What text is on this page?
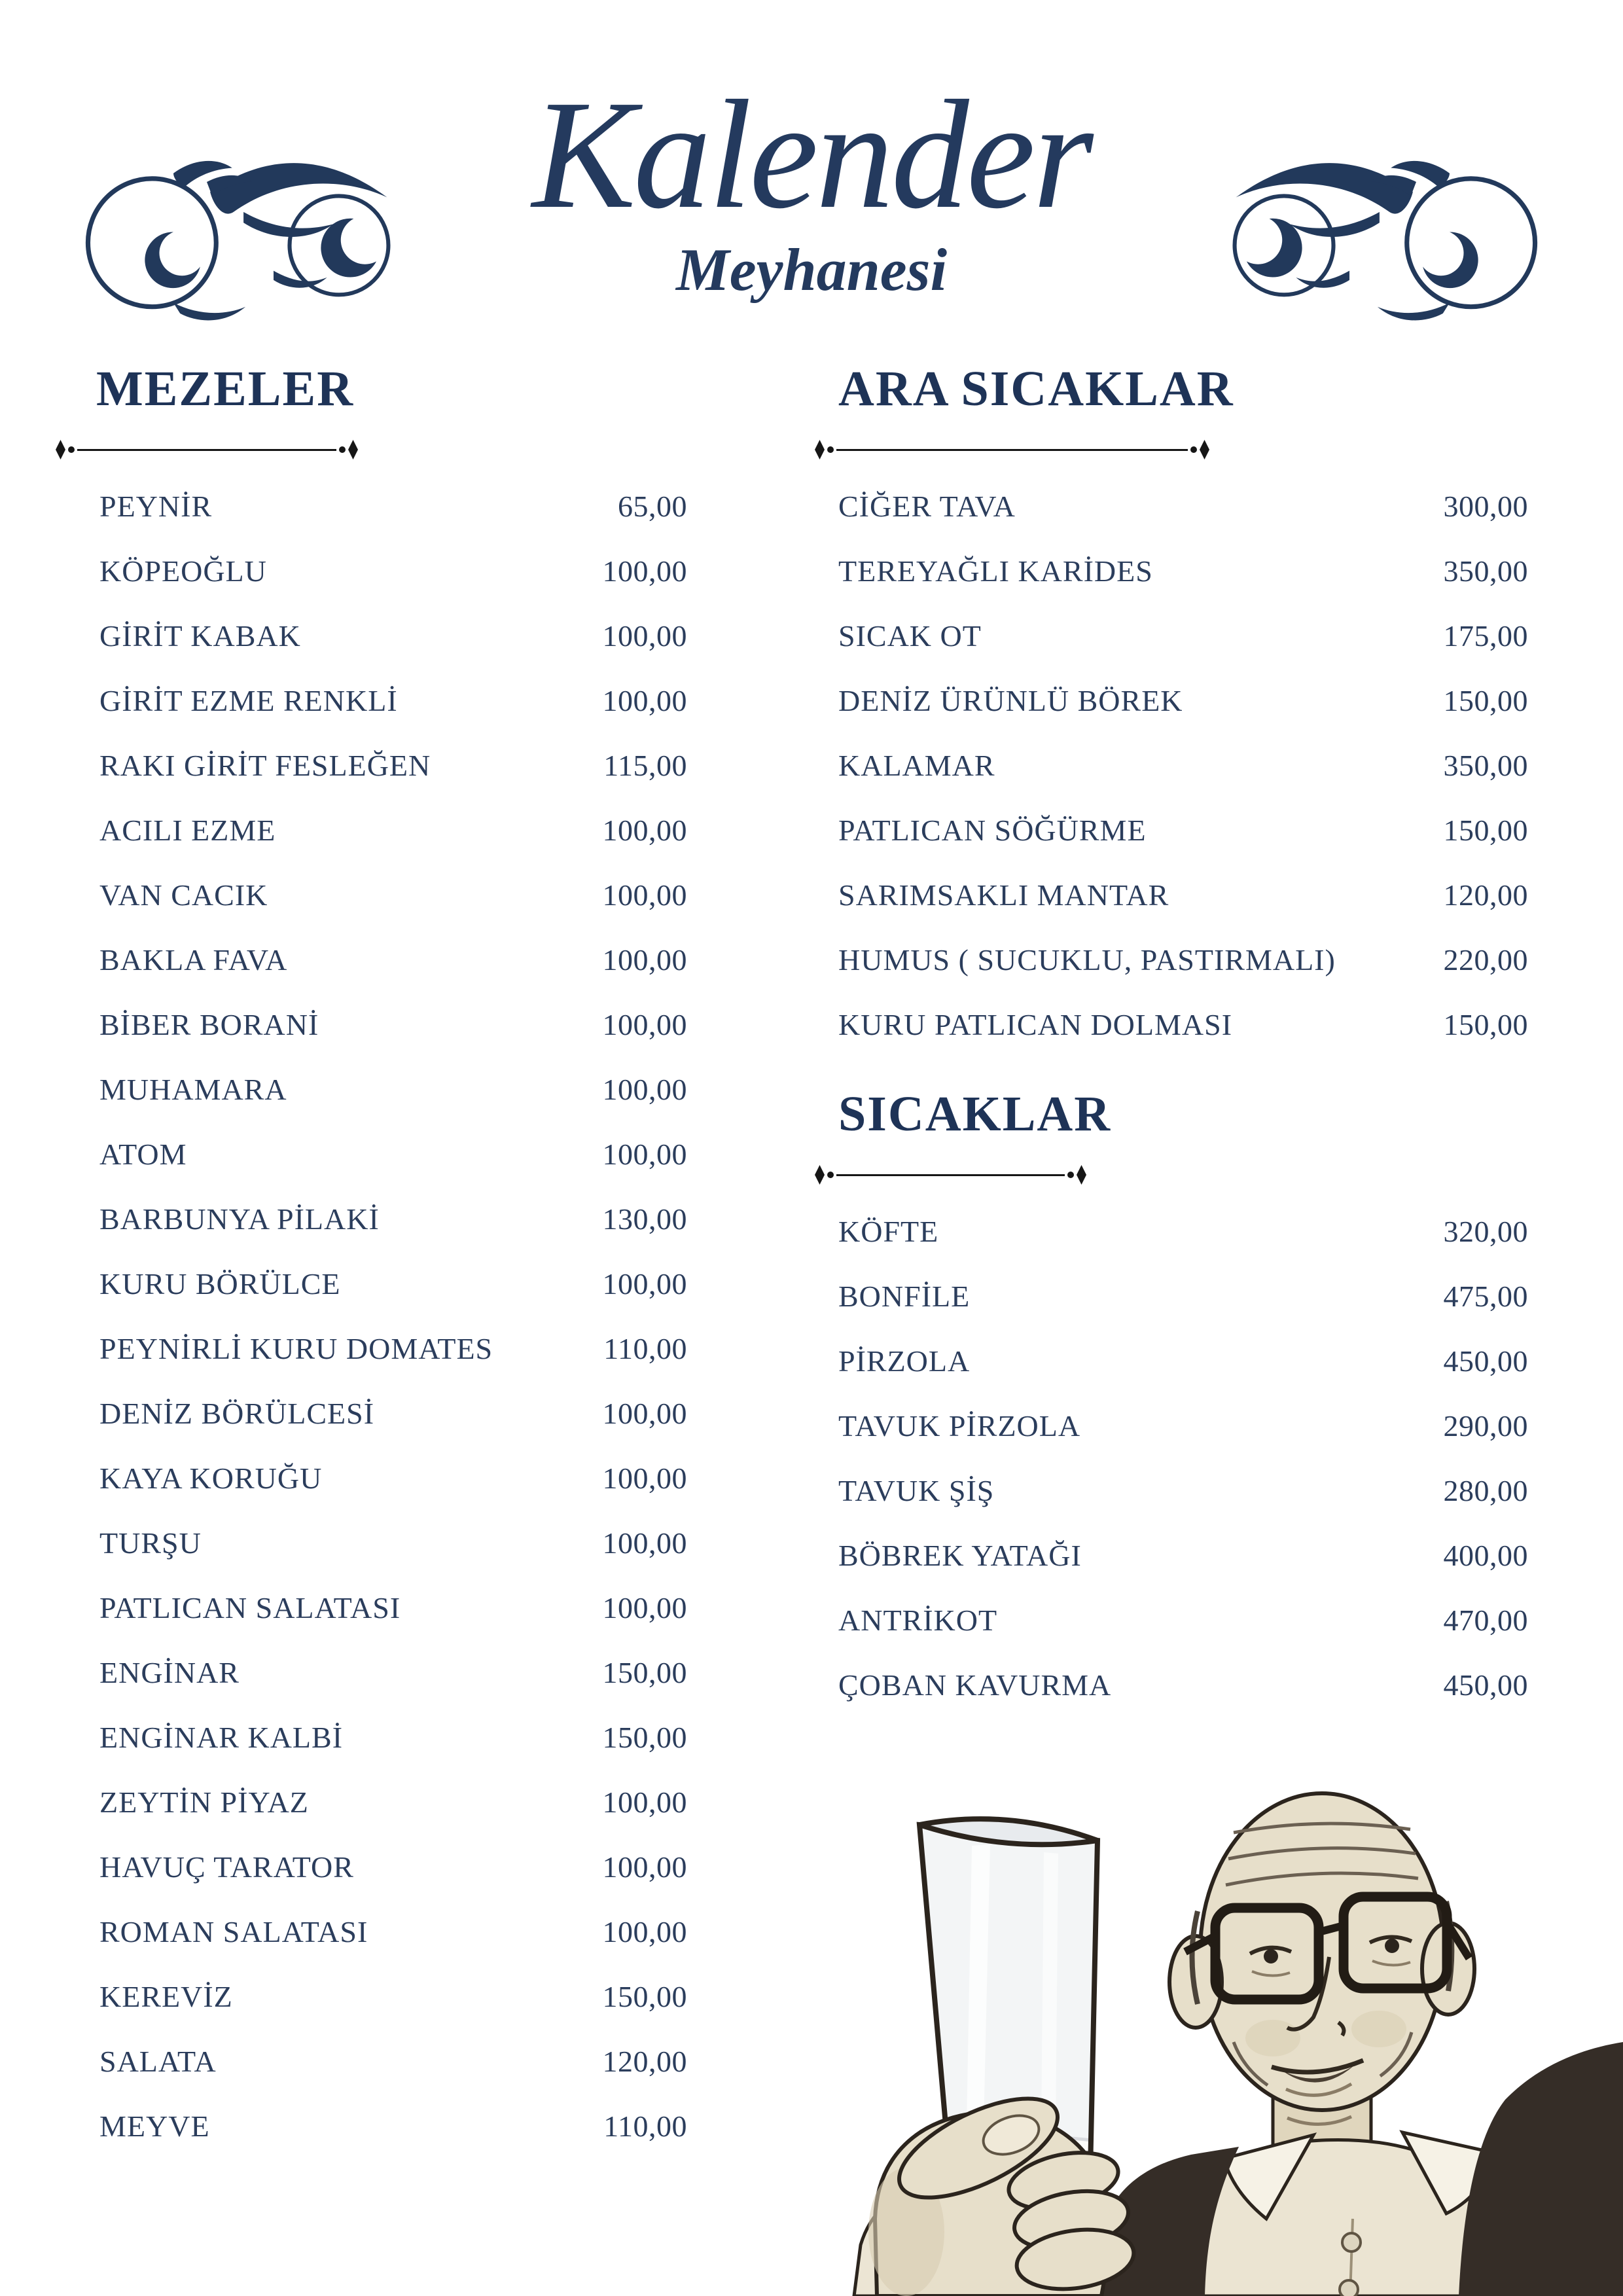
Kalender
Meyhanesi
MEZELER
PEYNİR	65,00
KÖPEOĞLU	100,00
GİRİT KABAK	100,00
GİRİT EZME RENKLİ	100,00
RAKI GİRİT FESLEĞEN	115,00
ACILI EZME	100,00
VAN CACIK	100,00
BAKLA FAVA	100,00
BİBER BORANİ	100,00
MUHAMARA	100,00
ATOM	100,00
BARBUNYA PİLAKİ	130,00
KURU BÖRÜLCE	100,00
PEYNİRLİ KURU DOMATES	110,00
DENİZ BÖRÜLCESİ	100,00
KAYA KORUĞU	100,00
TURŞU	100,00
PATLICAN SALATASI	100,00
ENGİNAR	150,00
ENGİNAR KALBİ	150,00
ZEYTİN PİYAZ	100,00
HAVUÇ TARATOR	100,00
ROMAN SALATASI	100,00
KEREVİZ	150,00
SALATA	120,00
MEYVE	110,00
ARA SICAKLAR
CİĞER TAVA	300,00
TEREYAĞLI KARİDES	350,00
SICAK OT	175,00
DENİZ ÜRÜNLÜ BÖREK	150,00
KALAMAR	350,00
PATLICAN SÖĞÜRME	150,00
SARIMSAKLI MANTAR	120,00
HUMUS ( SUCUKLU, PASTIRMALI)	220,00
KURU PATLICAN DOLMASI	150,00
SICAKLAR
KÖFTE	320,00
BONFİLE	475,00
PİRZOLA	450,00
TAVUK PİRZOLA	290,00
TAVUK ŞİŞ	280,00
BÖBREK YATAĞI	400,00
ANTRİKOT	470,00
ÇOBAN KAVURMA	450,00
